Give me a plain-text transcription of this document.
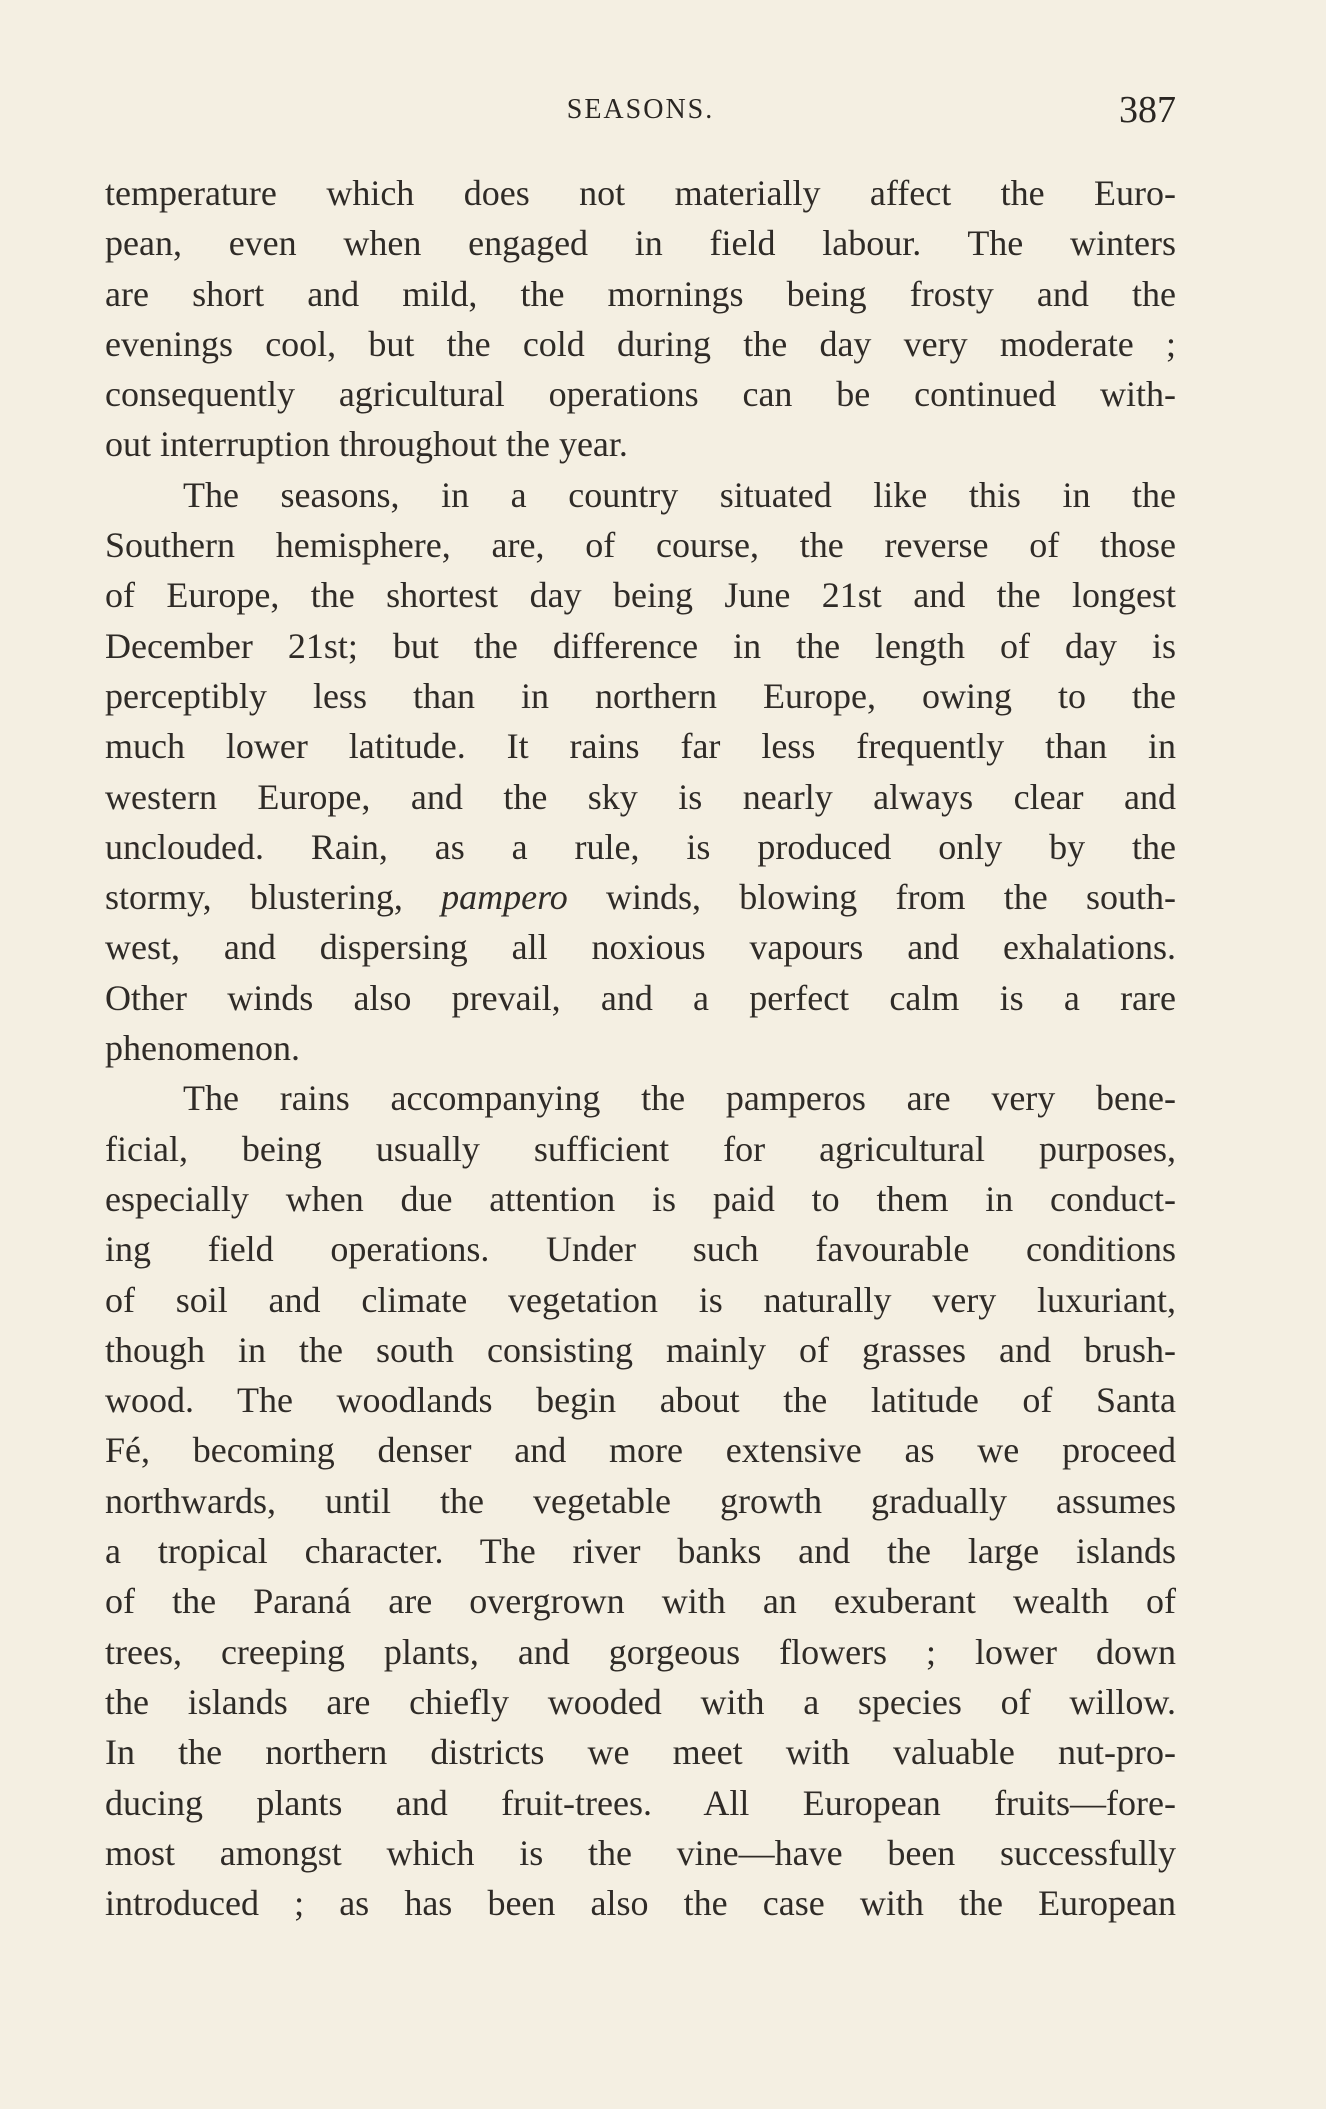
SEASONS.	387
temperature which does not materially affect the Euro-
pean, even when engaged in field labour. The winters
are short and mild, the mornings being frosty and the
evenings cool, but the cold during the day very moderate ;
consequently agricultural operations can be continued with-
out interruption throughout the year.
The seasons, in a country situated like this in the
Southern hemisphere, are, of course, the reverse of those
of Europe, the shortest day being June 21st and the longest
December 21st; but the difference in the length of day is
perceptibly less than in northern Europe, owing to the
much lower latitude. It rains far less frequently than in
western Europe, and the sky is nearly always clear and
unclouded. Rain, as a rule, is produced only by the
stormy, blustering, pampero winds, blowing from the south-
west, and dispersing all noxious vapours and exhalations.
Other winds also prevail, and a perfect calm is a rare
phenomenon.
The rains accompanying the pamperos are very bene-
ficial, being usually sufficient for agricultural purposes,
especially when due attention is paid to them in conduct-
ing field operations. Under such favourable conditions
of soil and climate vegetation is naturally very luxuriant,
though in the south consisting mainly of grasses and brush-
wood. The woodlands begin about the latitude of Santa
Fé, becoming denser and more extensive as we proceed
northwards, until the vegetable growth gradually assumes
a tropical character. The river banks and the large islands
of the Paraná are overgrown with an exuberant wealth of
trees, creeping plants, and gorgeous flowers ; lower down
the islands are chiefly wooded with a species of willow.
In the northern districts we meet with valuable nut-pro-
ducing plants and fruit-trees. All European fruits—fore-
most amongst which is the vine—have been successfully
introduced ; as has been also the case with the European
